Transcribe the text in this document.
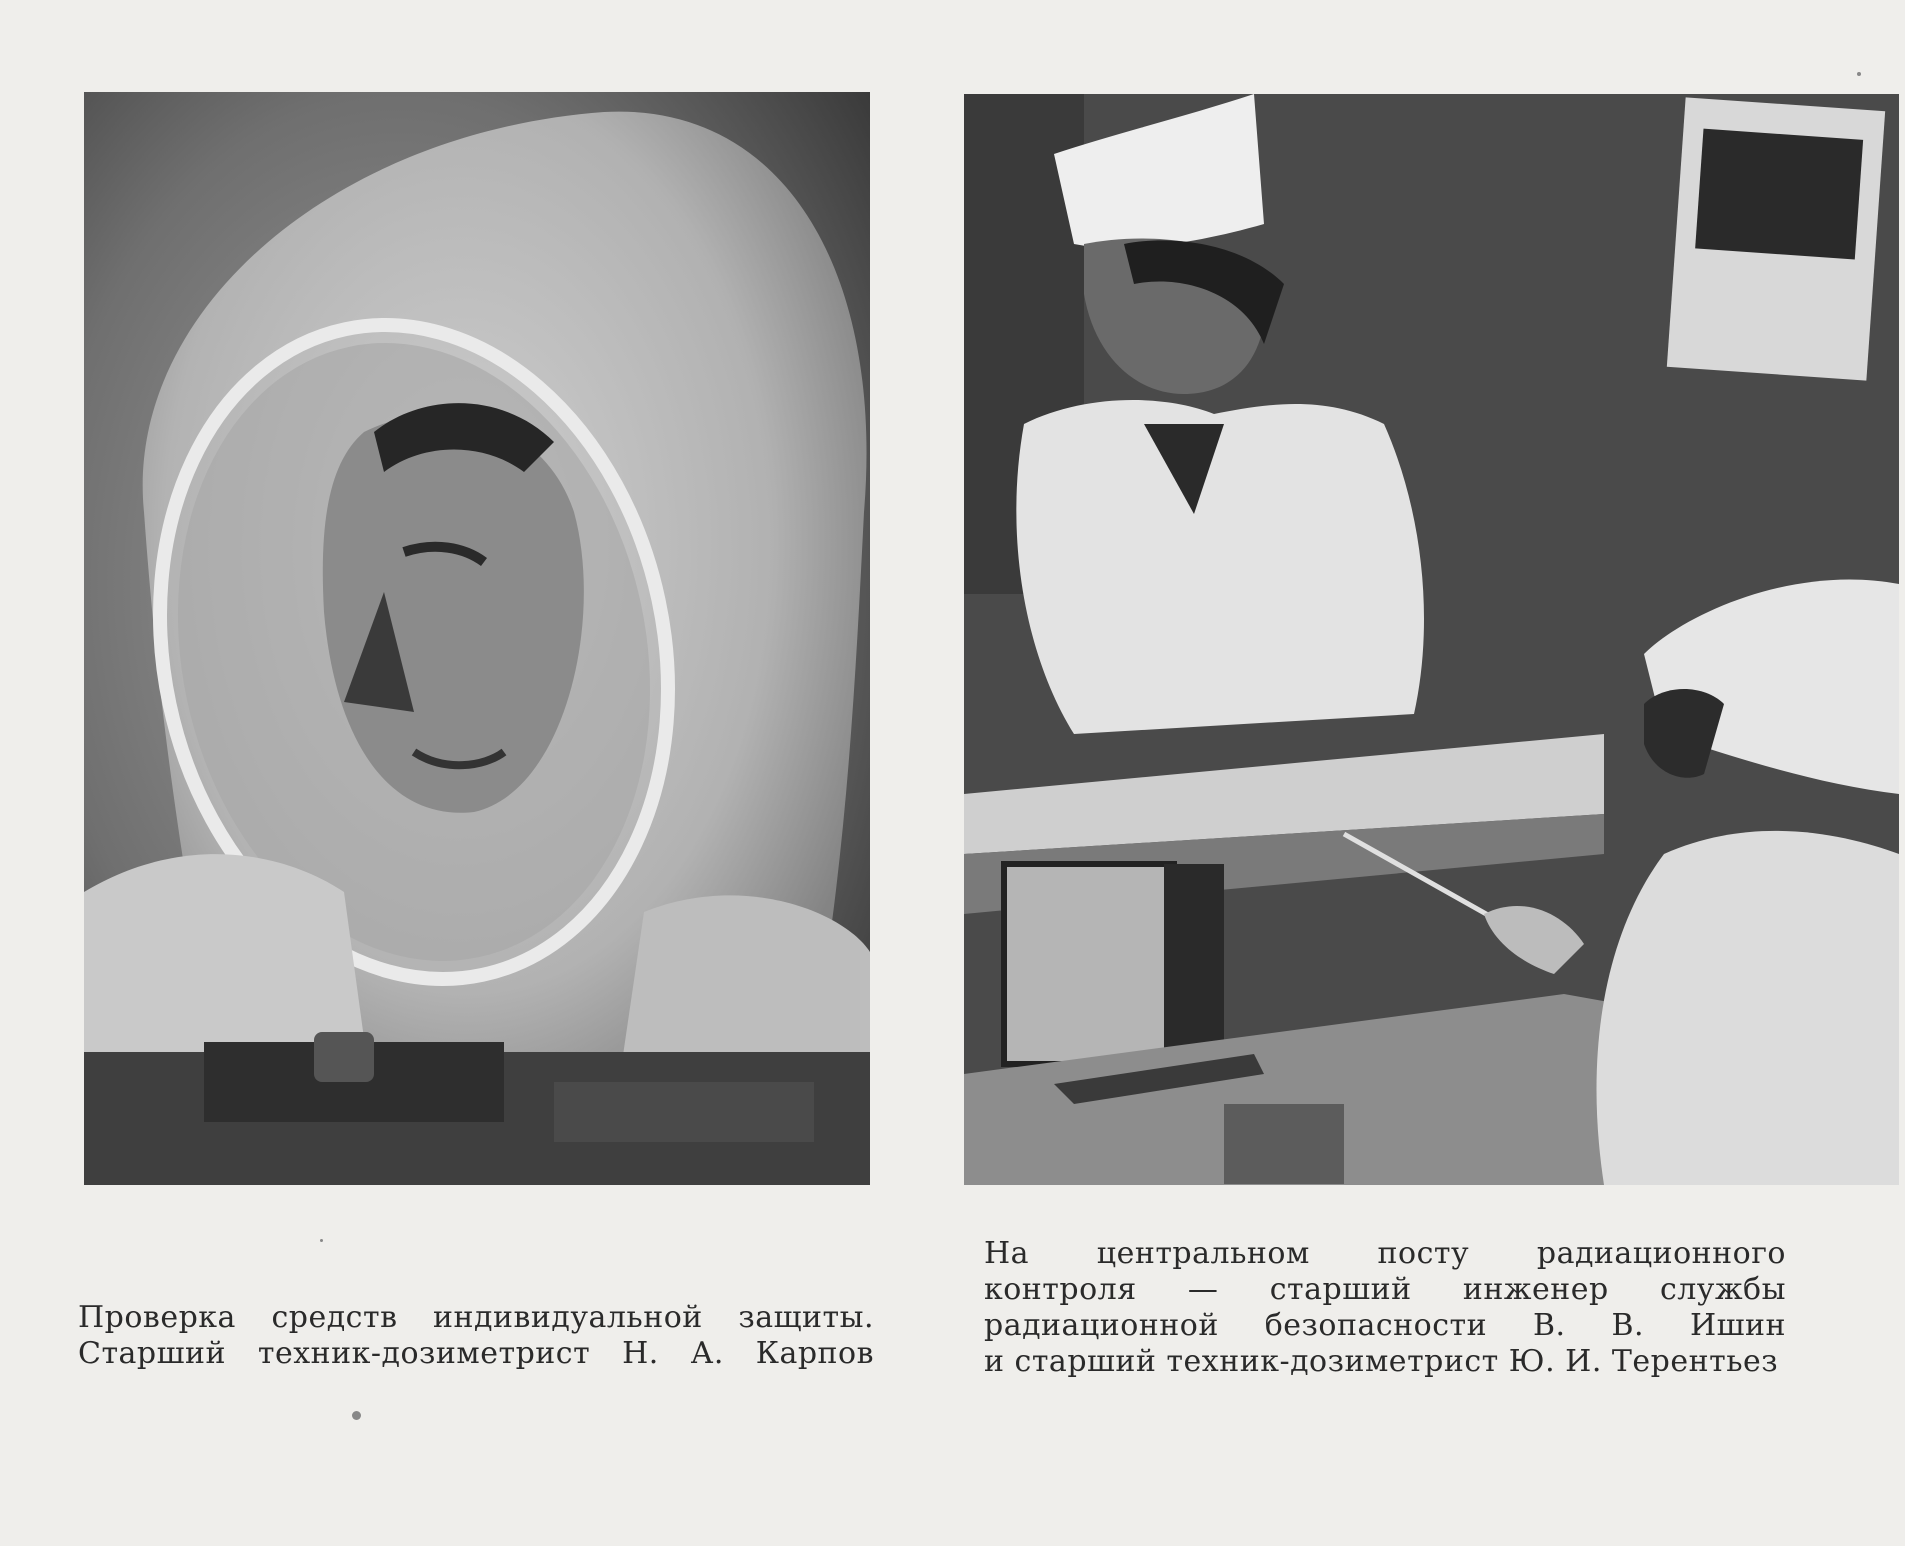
Проверка средств индивидуальной защиты.

Старший техник-дозиметрист Н. А. Карпов

На центральном посту радиационного

контроля — старший инженер службы

радиационной безопасности В. В. Ишин

и старший техник-дозиметрист Ю. И. Терентьез
